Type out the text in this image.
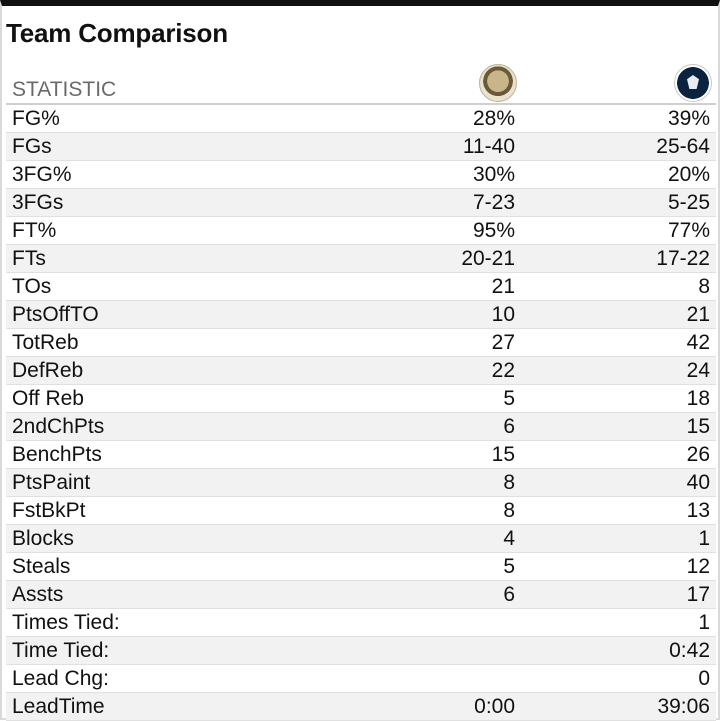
Team Comparison
STATISTIC		
FG%	28%	39%
FGs	11-40	25-64
3FG%	30%	20%
3FGs	7-23	5-25
FT%	95%	77%
FTs	20-21	17-22
TOs	21	8
PtsOffTO	10	21
TotReb	27	42
DefReb	22	24
Off Reb	5	18
2ndChPts	6	15
BenchPts	15	26
PtsPaint	8	40
FstBkPt	8	13
Blocks	4	1
Steals	5	12
Assts	6	17
Times Tied:		1
Time Tied:		0:42
Lead Chg:		0
LeadTime	0:00	39:06
